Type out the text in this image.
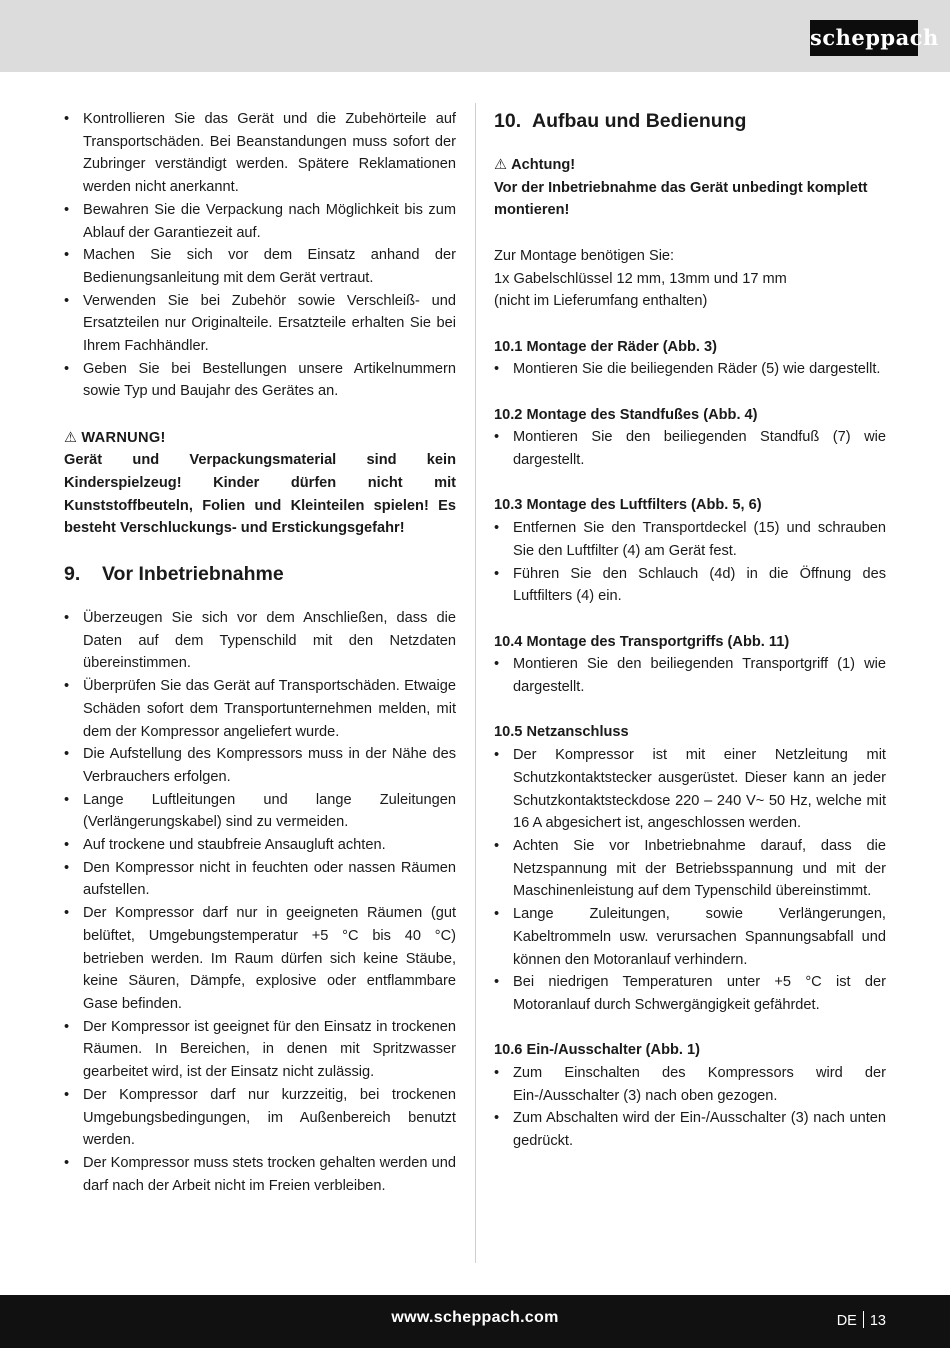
scheppach
• Kontrollieren Sie das Gerät und die Zubehörteile auf Transportschäden. Bei Beanstandungen muss sofort der Zubringer verständigt werden. Spätere Reklamationen werden nicht anerkannt.
• Bewahren Sie die Verpackung nach Möglichkeit bis zum Ablauf der Garantiezeit auf.
• Machen Sie sich vor dem Einsatz anhand der Bedienungsanleitung mit dem Gerät vertraut.
• Verwenden Sie bei Zubehör sowie Verschleiß- und Ersatzteilen nur Originalteile. Ersatzteile erhalten Sie bei Ihrem Fachhändler.
• Geben Sie bei Bestellungen unsere Artikelnummern sowie Typ und Baujahr des Gerätes an.
⚠ WARNUNG!
Gerät und Verpackungsmaterial sind kein Kinderspielzeug! Kinder dürfen nicht mit Kunststoffbeuteln, Folien und Kleinteilen spielen! Es besteht Verschluckungs- und Erstickungsgefahr!
9. Vor Inbetriebnahme
• Überzeugen Sie sich vor dem Anschließen, dass die Daten auf dem Typenschild mit den Netzdaten übereinstimmen.
• Überprüfen Sie das Gerät auf Transportschäden. Etwaige Schäden sofort dem Transportunternehmen melden, mit dem der Kompressor angeliefert wurde.
• Die Aufstellung des Kompressors muss in der Nähe des Verbrauchers erfolgen.
• Lange Luftleitungen und lange Zuleitungen (Verlängerungskabel) sind zu vermeiden.
• Auf trockene und staubfreie Ansaugluft achten.
• Den Kompressor nicht in feuchten oder nassen Räumen aufstellen.
• Der Kompressor darf nur in geeigneten Räumen (gut belüftet, Umgebungstemperatur +5 °C bis 40 °C) betrieben werden. Im Raum dürfen sich keine Stäube, keine Säuren, Dämpfe, explosive oder entflammbare Gase befinden.
• Der Kompressor ist geeignet für den Einsatz in trockenen Räumen. In Bereichen, in denen mit Spritzwasser gearbeitet wird, ist der Einsatz nicht zulässig.
• Der Kompressor darf nur kurzzeitig, bei trockenen Umgebungsbedingungen, im Außenbereich benutzt werden.
• Der Kompressor muss stets trocken gehalten werden und darf nach der Arbeit nicht im Freien verbleiben.
10. Aufbau und Bedienung
⚠ Achtung!
Vor der Inbetriebnahme das Gerät unbedingt komplett montieren!
Zur Montage benötigen Sie:
1x Gabelschlüssel 12 mm, 13mm und 17 mm
(nicht im Lieferumfang enthalten)
10.1 Montage der Räder (Abb. 3)
• Montieren Sie die beiliegenden Räder (5) wie dargestellt.
10.2 Montage des Standfußes (Abb. 4)
• Montieren Sie den beiliegenden Standfuß (7) wie dargestellt.
10.3 Montage des Luftfilters (Abb. 5, 6)
• Entfernen Sie den Transportdeckel (15) und schrauben Sie den Luftfilter (4) am Gerät fest.
• Führen Sie den Schlauch (4d) in die Öffnung des Luftfilters (4) ein.
10.4 Montage des Transportgriffs (Abb. 11)
• Montieren Sie den beiliegenden Transportgriff (1) wie dargestellt.
10.5 Netzanschluss
• Der Kompressor ist mit einer Netzleitung mit Schutzkontaktstecker ausgerüstet. Dieser kann an jeder Schutzkontaktsteckdose 220 – 240 V~ 50 Hz, welche mit 16 A abgesichert ist, angeschlossen werden.
• Achten Sie vor Inbetriebnahme darauf, dass die Netzspannung mit der Betriebsspannung und mit der Maschinenleistung auf dem Typenschild übereinstimmt.
• Lange Zuleitungen, sowie Verlängerungen, Kabeltrommeln usw. verursachen Spannungsabfall und können den Motoranlauf verhindern.
• Bei niedrigen Temperaturen unter +5 °C ist der Motoranlauf durch Schwergängigkeit gefährdet.
10.6 Ein-/Ausschalter (Abb. 1)
• Zum Einschalten des Kompressors wird der Ein-/Ausschalter (3) nach oben gezogen.
• Zum Abschalten wird der Ein-/Ausschalter (3) nach unten gedrückt.
www.scheppach.com	DE 13
